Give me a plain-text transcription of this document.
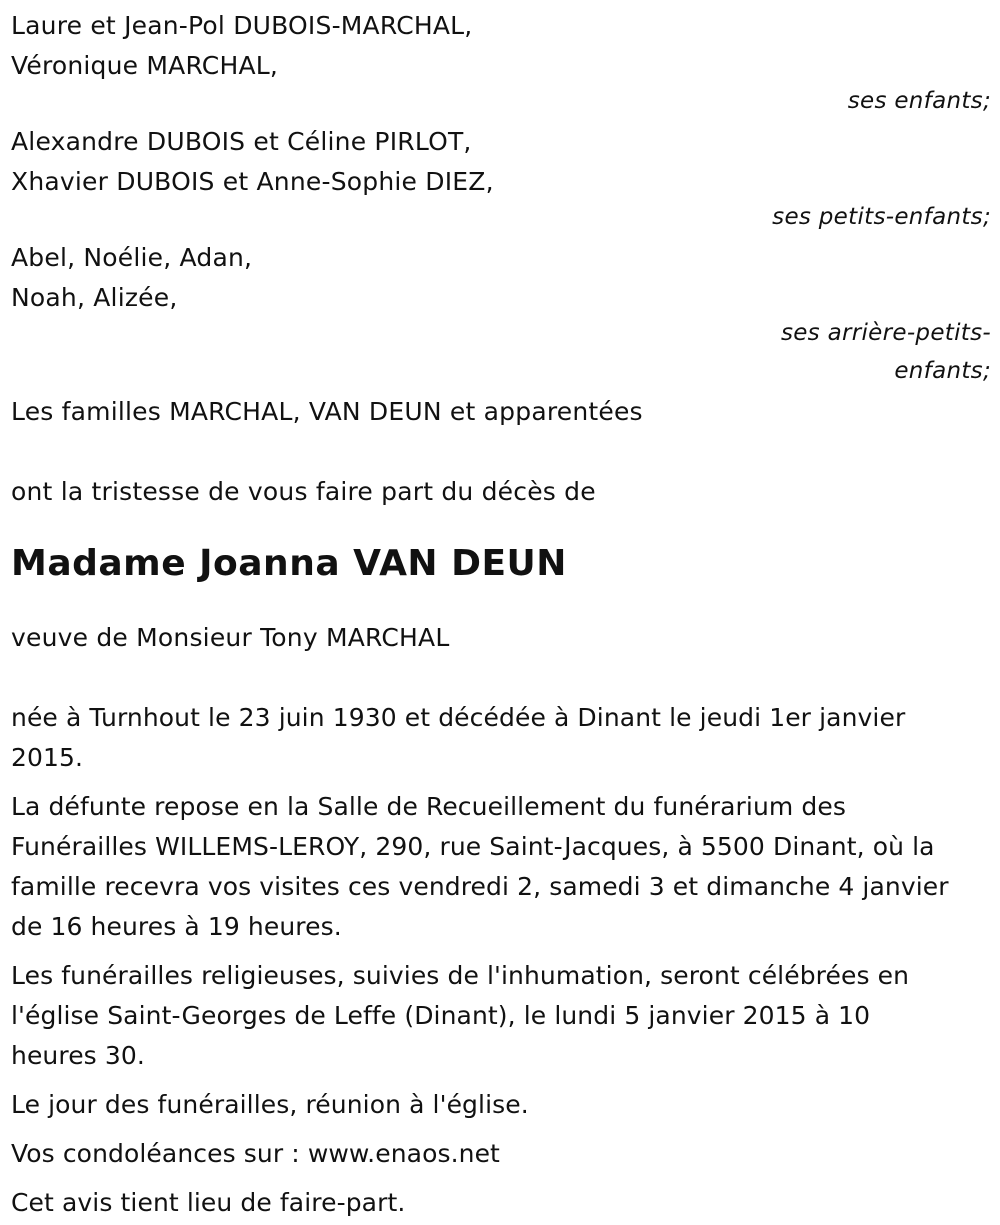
Laure et Jean-Pol DUBOIS-MARCHAL,
Véronique MARCHAL,
ses enfants;
Alexandre DUBOIS et Céline PIRLOT,
Xhavier DUBOIS et Anne-Sophie DIEZ,
ses petits-enfants;
Abel, Noélie, Adan,
Noah, Alizée,
ses arrière-petits-
enfants;
Les familles MARCHAL, VAN DEUN et apparentées
ont la tristesse de vous faire part du décès de
Madame Joanna VAN DEUN
veuve de Monsieur Tony MARCHAL
née à Turnhout le 23 juin 1930 et décédée à Dinant le jeudi 1er janvier
2015.
La défunte repose en la Salle de Recueillement du funérarium des
Funérailles WILLEMS-LEROY, 290, rue Saint-Jacques, à 5500 Dinant, où la
famille recevra vos visites ces vendredi 2, samedi 3 et dimanche 4 janvier
de 16 heures à 19 heures.
Les funérailles religieuses, suivies de l'inhumation, seront célébrées en
l'église Saint-Georges de Leffe (Dinant), le lundi 5 janvier 2015 à 10
heures 30.
Le jour des funérailles, réunion à l'église.
Vos condoléances sur : www.enaos.net
Cet avis tient lieu de faire-part.
